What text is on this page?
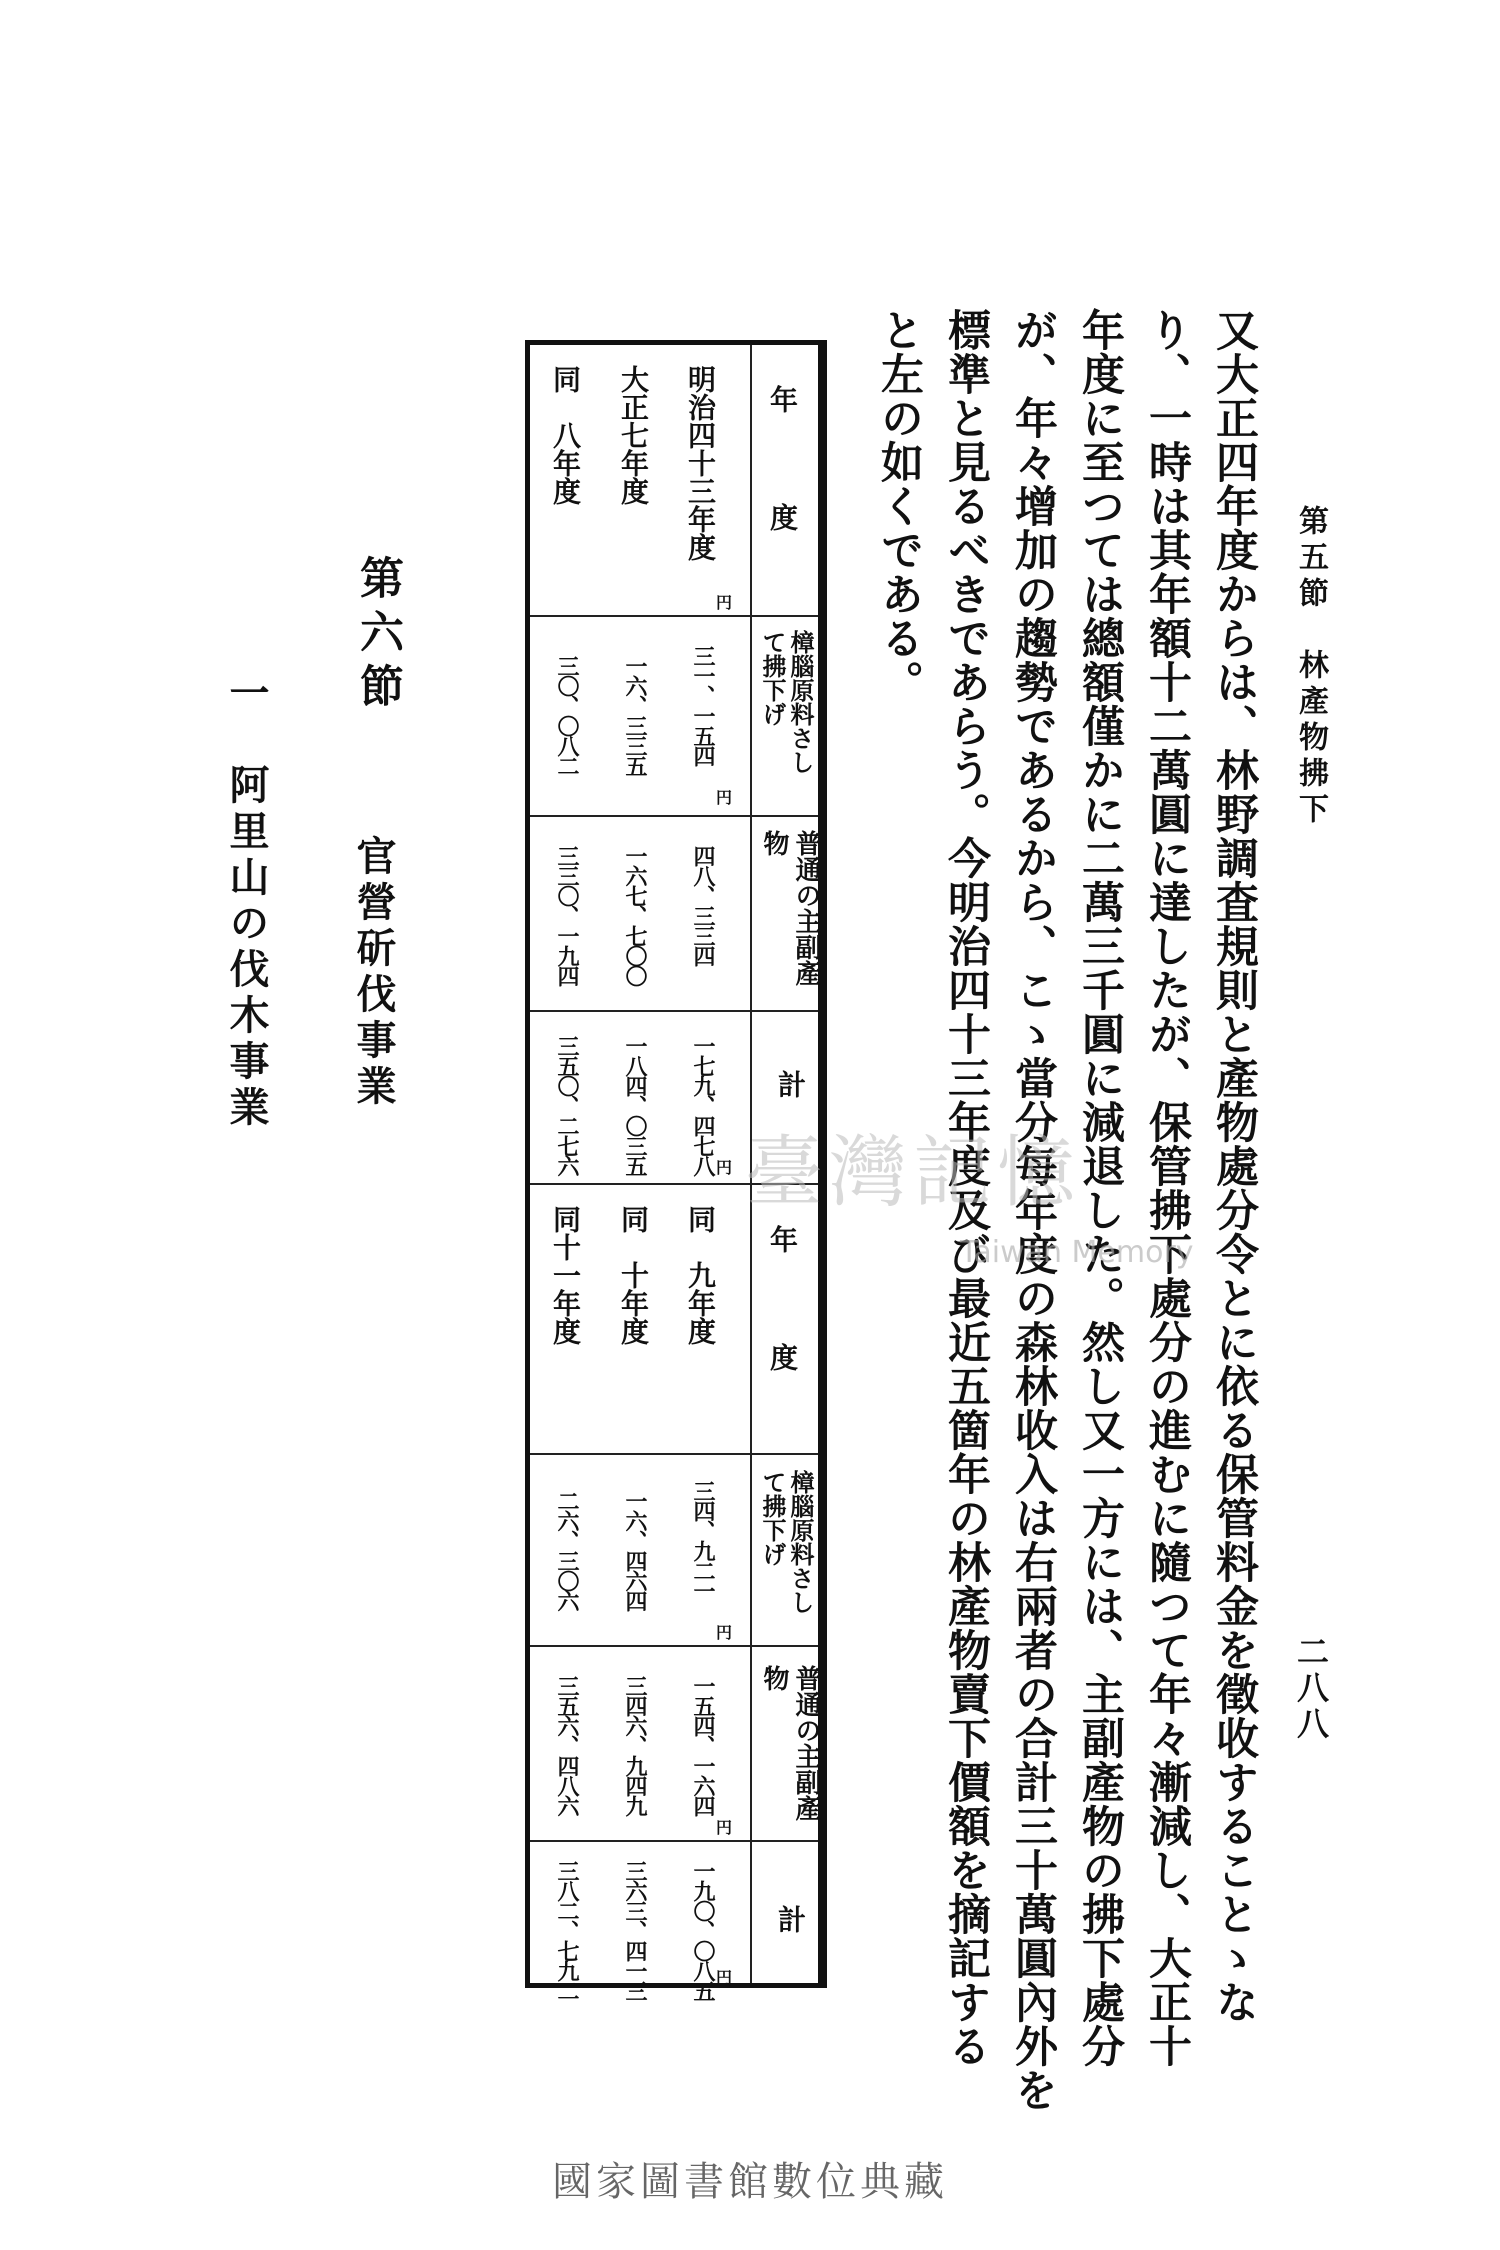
第五節　林產物拂下
二八八
又大正四年度からは、林野調査規則と產物處分令とに依る保管料金を徵收することゝな
り、一時は其年額十二萬圓に達したが、保管拂下處分の進むに隨つて年々漸減し、大正十
年度に至つては總額僅かに二萬三千圓に減退した。然し又一方には、主副產物の拂下處分
が、年々增加の趨勢であるから、こゝ當分每年度の森林收入は右兩者の合計三十萬圓內外を
標準と見るべきであらう。今明治四十三年度及び最近五箇年の林產物賣下價額を摘記する
と左の如くである。
年度
樟腦原料さして拂下げ
普通の主副產物
計
年度
樟腦原料さして拂下げ
普通の主副產物
計
明治四十三年度
大正七年度
同　八年度
三一、一五四
一六、三三五
三〇、〇八二
四八、三三四
一六七、七〇〇
三三〇、一九四
一七九、四七八
一八四、〇三五
三五〇、二七六
同　九年度
同　十年度
同十一年度
三四、九二一
一六、四六四
二六、三〇六
一五四、一六四
三四六、九四九
三五六、四八六
一九〇、〇八五
三六三、四一三
三八二、七九二
円
円
円
円
円
円
第六節
官營斫伐事業
一　阿里山の伐木事業
臺灣記憶
Taiwan Memory
國家圖書館數位典藏
